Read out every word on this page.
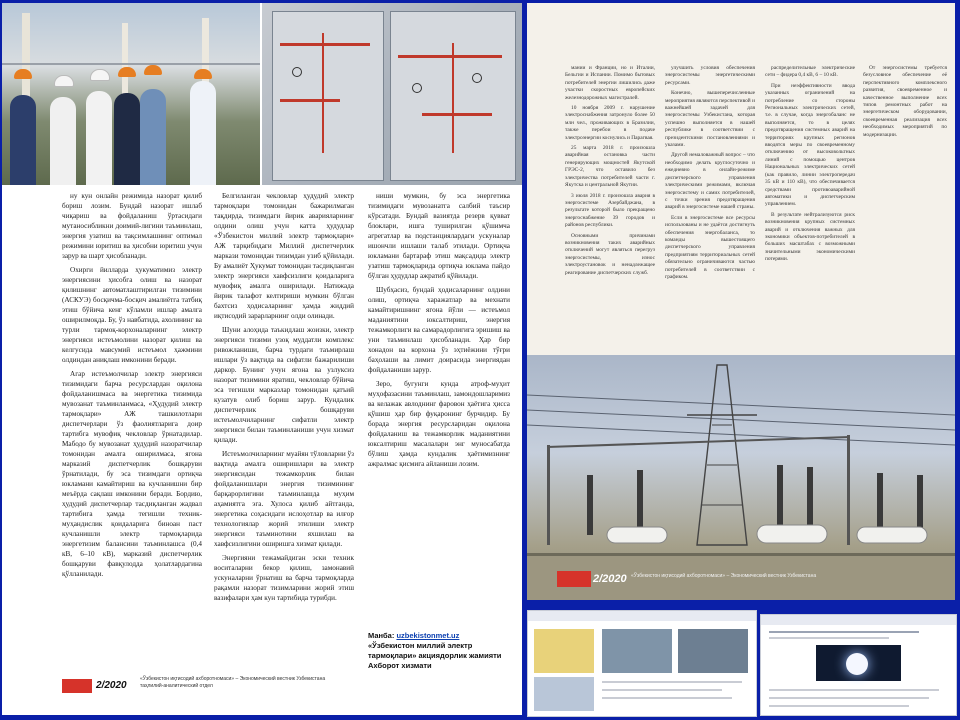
ну кун онлайн режимида назорат қилиб бориш лозим. Бундай назорат ишлаб чиқариш ва фойдаланиш ўртасидаги мутаносибликни доимий-лигини таъминлаш, энергия узатиш ва тақсимлашнинг оптимал режимини юритиш ва ҳисобни юритиш учун зарур ва шарт ҳисобланади.

Охирги йилларда ҳукуматимиз электр энергиясини ҳисобга олиш ва назорат қилишнинг автоматлаштирилган тизимини (АСКУЭ) босқичма-босқич амалиётга татбиқ этиш бўйича кенг кўламли ишлар амалга оширилмоқда. Бу, ўз навбатида, ахолининг ва турли тармоқ-корхоналарнинг электр энергияси истеъмолини назорат қилиш ва келгусида мавсумий истеъмол ҳажмини олдиндан аниқлаш имконини беради.

Агар истеъмолчилар электр энергияси тизимидаги барча ресурслардан оқилона фойдаланишмаса ва энергетика тизимида мувозанат таъминланмаса, «Ҳудудий электр тармоқлари» АЖ ташкилотлари диспетчерлари ўз фаолиятларига доир тартибга мувофиқ чекловлар ўрнатадилар. Мабодо бу мувозанат ҳудудий назоратчилар томонидан амалга оширилмаса, ягона марказий диспетчерлик бошқаруви ўрнатилади, бу эса тизимдаги ортиқча юкламани камайтириш ва кучланишни бир меъёрда сақлаш имконини беради. Бордию, ҳудудий диспетчерлар тасдиқланган жадвал тартибига ҳамда тегишли техник-муҳандислик қоидаларига биноан паст кучланишли электр тармоқларида энергетизим балансини таъминлашса (0,4 кВ, 6–10 кВ), марказий диспетчерлик бошқаруви фавқулодда ҳолатлардагина қўлланилади.

Белгиланган чекловлар ҳудудий электр тармоқлари томонидан бажарилмаган тақдирда, тизимдаги йирик аварияларнинг олдини олиш учун катта ҳудудлар «Ўзбекистон миллий электр тармоқлари» АЖ тарқибидаги Миллий диспетчерлик маркази томонидан тизимдан узиб қўйилади. Бу амалиёт Ҳукумат томонидан тасдиқланган электр энергияси хавфсизлиги қоидаларига мувофиқ амалга оширилади. Натижада йирик талафот келтириши мумкин бўлган бахтсиз ҳодисаларнинг ҳамда жиддий иқтисодий зарарларнинг олди олинади.

Шуни алоҳида таъкидлаш жоизки, электр энергияси тизими узоқ муддатли комплекс ривожланиши, барча турдаги таъмирлаш ишлари ўз вақтида ва сифатли бажарилиши даркор. Бунинг учун ягона ва узлуксиз назорат тизимини яратиш, чекловлар бўйича эса тегишли марказлар томонидан қатъий кузатув олиб бориш зарур. Кундалик диспетчерлик бошқаруви истеъмолчиларнинг сифатли электр энергияси билан таъминланиши учун хизмат қилади.

Истеъмолчиларнинг муайян тўловларни ўз вақтида амалга оширишлари ва электр энергиясидан тежамкорлик билан фойдаланишлари энергия тизимининг барқарорлигини таъминлашда муҳим аҳамиятга эга. Хулоса қилиб айтганда, энергетика соҳасидаги ислоҳотлар ва илғор технологиялар жорий этилиши электр энергияси таъминотини яхшилаш ва хавфсизлигини оширишга хизмат қилади.

Энергияни тежамайдиган эски техник воситаларни бекор қилиш, замонавий ускуналарни ўрнатиш ва барча тармоқларда рақамли назорат тизимларини жорий этиш вазифалари ҳам кун тартибида турибди.

ниши мумкин, бу эса энергетика тизимидаги мувозанатга салбий таъсир кўрсатади. Бундай вазиятда резерв қувват блоклари, ишга туширилган қўшимча агрегатлар ва подстанциялардаги ускуналар ишончли ишлаши талаб этилади. Ортиқча юкламани бартараф этиш мақсадида электр узатиш тармоқларида ортиқча юклама пайдо бўлган ҳудудлар ажратиб қўйилади.

Шубҳасиз, бундай ҳодисаларнинг олдини олиш, ортиқча харажатлар ва мехнати камайтиришнинг ягона йўли — истеъмол маданиятини юксалтириш, энергия тежамкорлиги ва самарадорлигига эришиш ва уни таъминлаш ҳисобланади. Ҳар бир хонадон ва корхона ўз эҳтиёжини тўғри баҳолаши ва лимит доирасида энергиядан фойдаланиши зарур.

Зеро, бугунги кунда атроф-муҳит муҳофазасини таъминлаш, замондошларимиз ва келажак авлоднинг фаровон ҳаётига ҳисса қўшиш ҳар бир фуқаронинг бурчидир. Бу борада энергия ресурсларидан оқилона фойдаланиш ва тежамкорлик маданиятини юксалтириш масалалари энг муносабатда бўлиш ҳамда кундалик ҳаётимизнинг ажралмас қисмига айланиши лозим.

Манба: uzbekistonmet.uz
«Ўзбекистон миллий электр тармоқлари» акциядорлик жамияти Ахборот хизмати
2/2020
«Ўзбекистон иқтисодий ахборотномаси» – Экономический вестник Узбекистана
таҳлилий-аналитический отдел

мании и Франции, но и Италии, Бельгии и Испании. Помимо бытовых потребителей энергии лишились даже участки скоростных европейских железнодорожных магистралей.

10 ноября 2009 г. нарушение электроснабжения затронуло более 50 млн чел., проживающих в Бразилии, также перебои в подаче электроэнергии коснулись и Парагвая.

25 марта 2018 г. произошла аварийная остановка части генерирующих мощностей Якутской ГРЭС-2, что оставило без электричества потребителей части г. Якутска и центральной Якутии.

3 июля 2018 г. произошла авария в энергосистеме Азербайджана, в результате которой было прекращено энергоснабжение 39 городов и районов республики.

Основными причинами возникновения таких аварийных отключений могут являться перегруз энергосистемы, износ электроустановок и ненадлежащее реагирование диспетчерских служб.

улучшить условия обеспечения энергосистемы энергетическими ресурсами.

Конечно, вышеперечисленные мероприятия являются перспективой и важнейшей задачей для энергосистемы Узбекистана, которая успешно выполняется в нашей республике в соответствии с президентскими постановлениями и указами.

Другой немаловажный вопрос – что необходимо делать круглосуточно и ежедневно в онлайн-режиме диспетчерского управления электрическими режимами, включая энергосистему и самих потребителей, с точки зрения предотвращения аварий в энергосистеме нашей страны.

Если в энергосистеме все ресурсы использованы и не удаётся достигнуть обеспечения энергобаланса, то команды вышестоящего диспетчерского управления предприятиям территориальных сетей обязательно ограничиваются частью потребителей в соответствии с графиком.

распределительные электрические сети – фидера 0,4 кВ, 6 – 10 кВ.

При неэффективности ввода указанных ограничений на потребление со стороны Региональных электрических сетей, т.е. в случае, когда энергобаланс не выполняется, то в целях предотвращения системных аварий на территориях крупных регионов вводятся меры по своевременному отключению от высоковольтных линий с помощью центров Национальных электрических сетей (как правило, линии электропередач 35 кВ и 110 кВ), что обеспечивается средствами противоаварийной автоматики и диспетчерским управлением.

В результате нейтрализуются риск возникновения крупных системных аварий и отключения важных для экономики объектов-потребителей в больших масштабах с возможными значительными экономическими потерями.

От энергосистемы требуется безусловное обеспечение её перспективного комплексного развития, своевременное и качественное выполнение всех типов ремонтных работ на энергетическом оборудовании, своевременная реализация всех необходимых мероприятий по модернизации.

2/2020 «Ўзбекистон иқтисодий ахборотномаси» – Экономический вестник Узбекистана
